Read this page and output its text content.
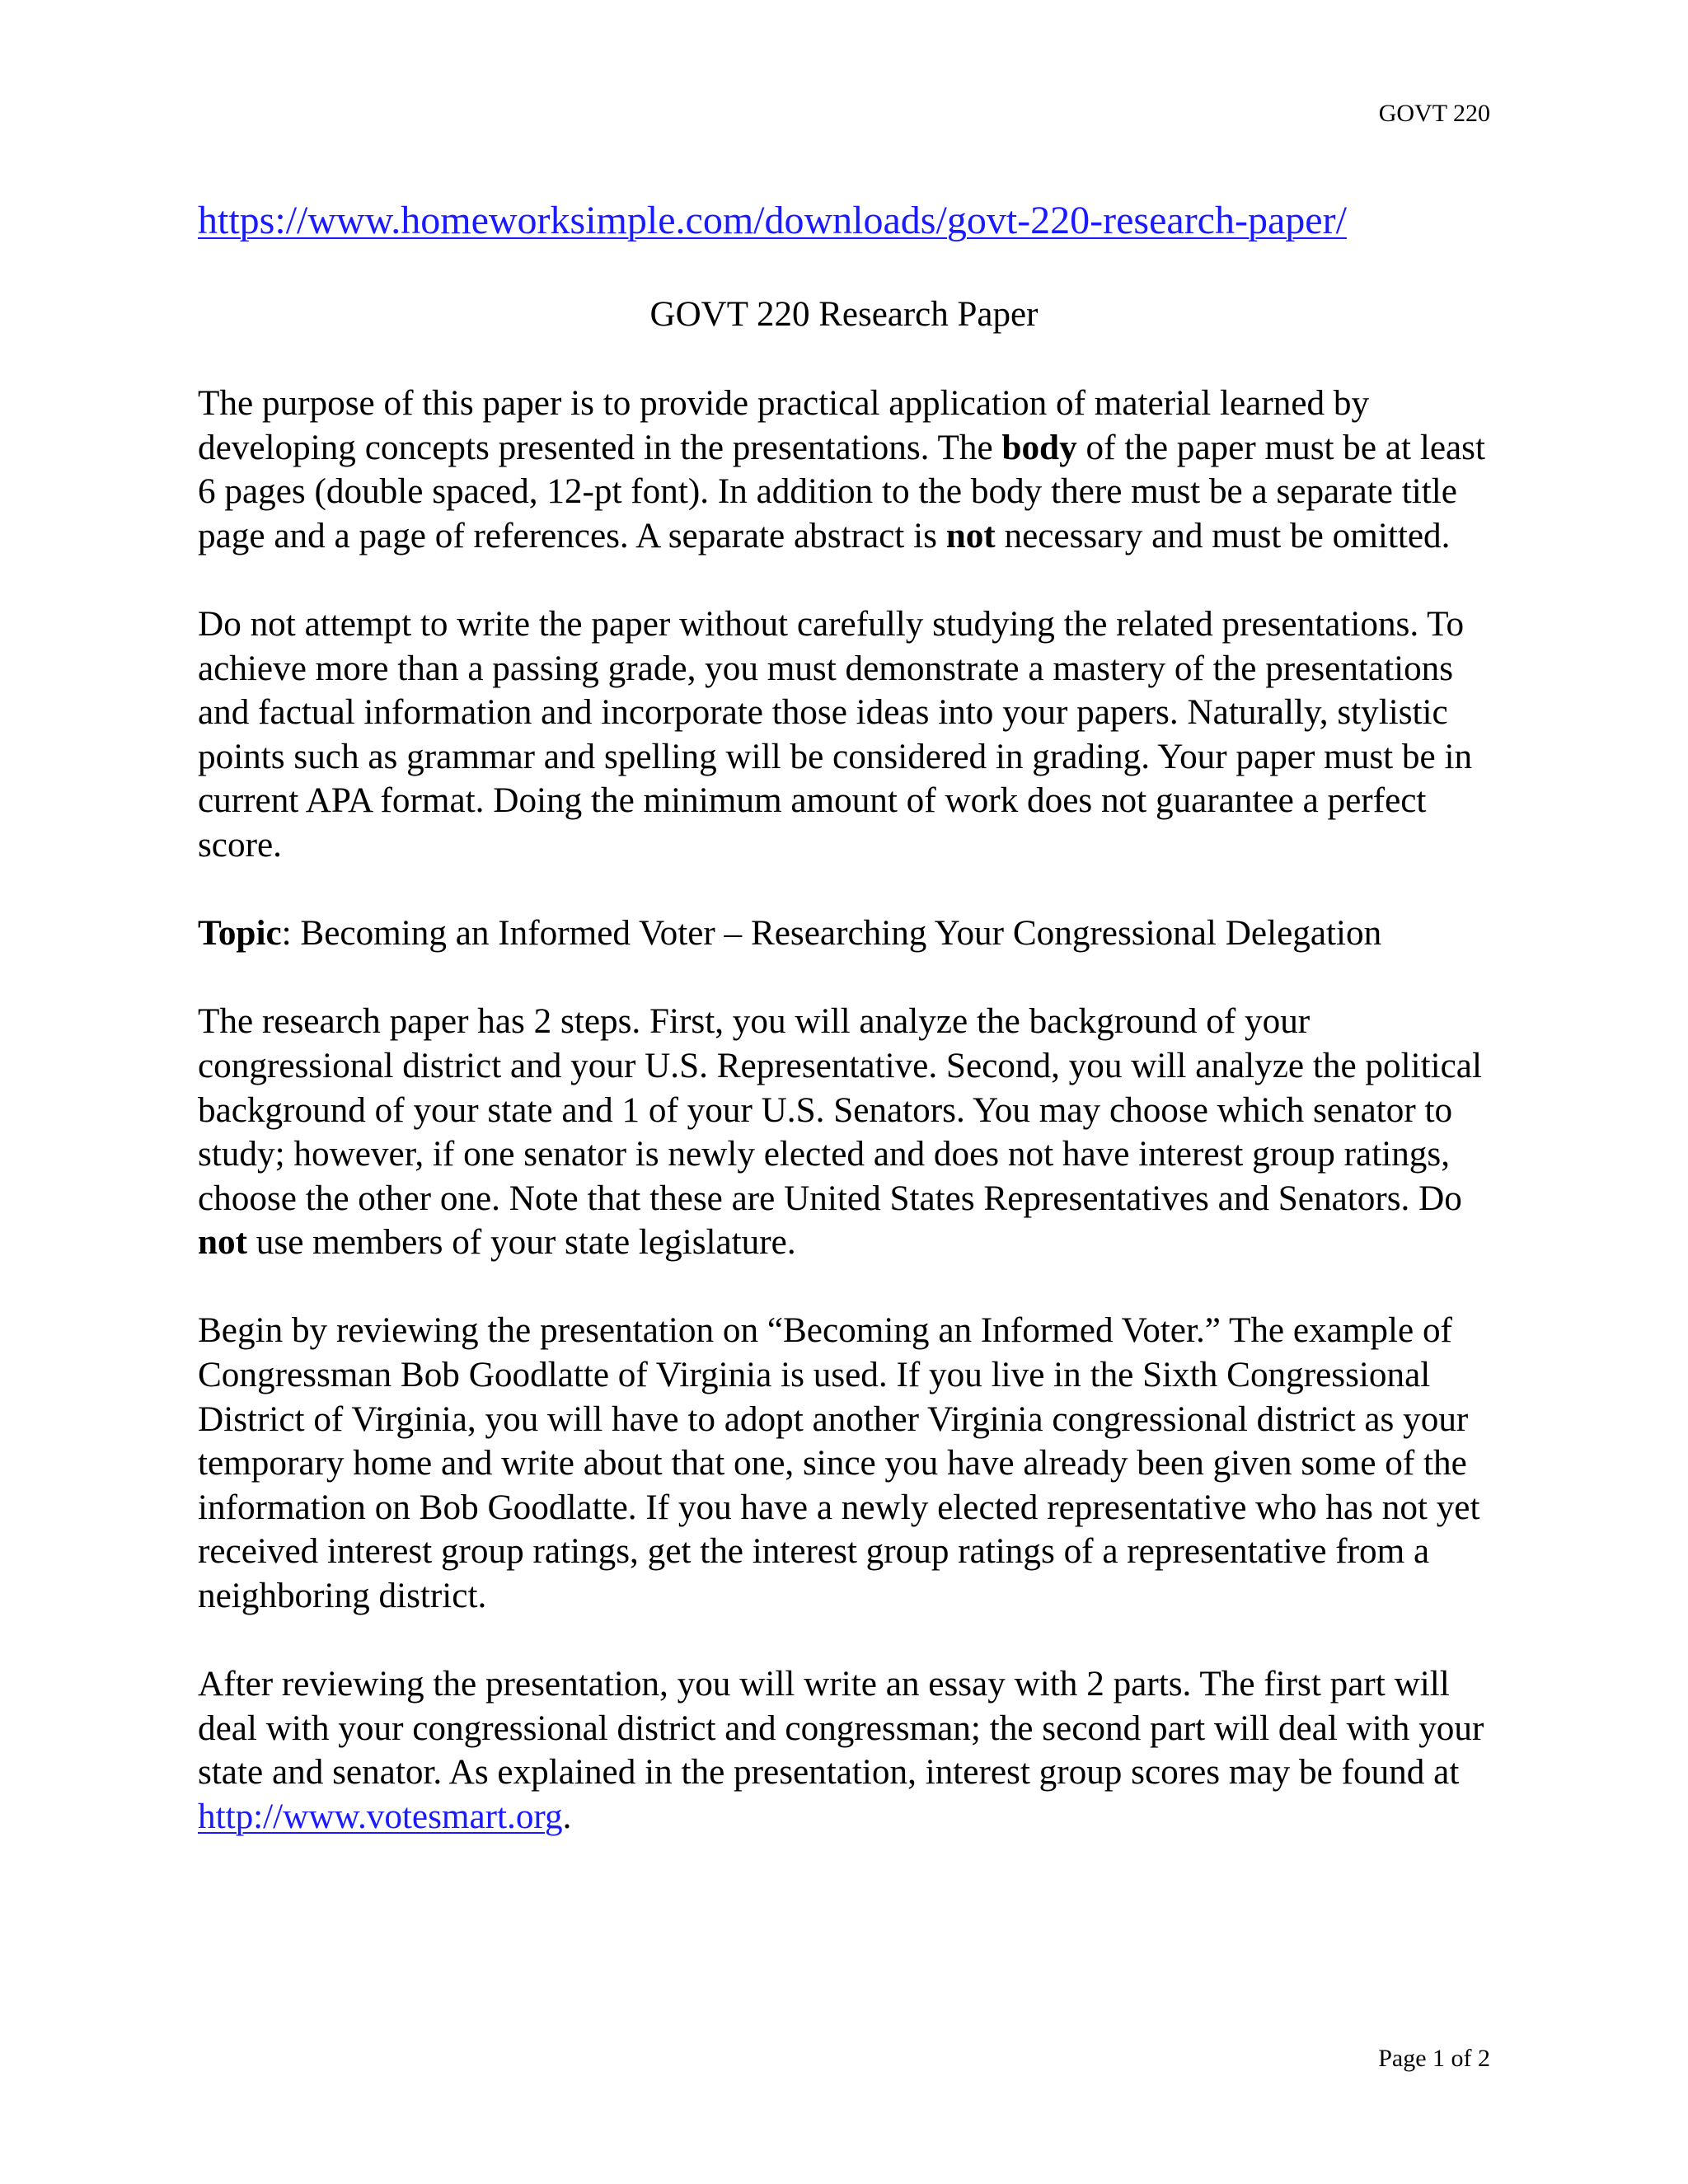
GOVT 220
https://www.homeworksimple.com/downloads/govt-220-research-paper/
GOVT 220 Research Paper

The purpose of this paper is to provide practical application of material learned by developing concepts presented in the presentations. The body of the paper must be at least 6 pages (double spaced, 12-pt font). In addition to the body there must be a separate title page and a page of references. A separate abstract is not necessary and must be omitted.

Do not attempt to write the paper without carefully studying the related presentations. To achieve more than a passing grade, you must demonstrate a mastery of the presentations and factual information and incorporate those ideas into your papers. Naturally, stylistic points such as grammar and spelling will be considered in grading. Your paper must be in current APA format. Doing the minimum amount of work does not guarantee a perfect score.

Topic: Becoming an Informed Voter – Researching Your Congressional Delegation

The research paper has 2 steps. First, you will analyze the background of your congressional district and your U.S. Representative. Second, you will analyze the political background of your state and 1 of your U.S. Senators. You may choose which senator to study; however, if one senator is newly elected and does not have interest group ratings, choose the other one. Note that these are United States Representatives and Senators. Do not use members of your state legislature.

Begin by reviewing the presentation on “Becoming an Informed Voter.” The example of Congressman Bob Goodlatte of Virginia is used. If you live in the Sixth Congressional District of Virginia, you will have to adopt another Virginia congressional district as your temporary home and write about that one, since you have already been given some of the information on Bob Goodlatte. If you have a newly elected representative who has not yet received interest group ratings, get the interest group ratings of a representative from a neighboring district.

After reviewing the presentation, you will write an essay with 2 parts. The first part will deal with your congressional district and congressman; the second part will deal with your state and senator. As explained in the presentation, interest group scores may be found at http://www.votesmart.org.

Page 1 of 2
